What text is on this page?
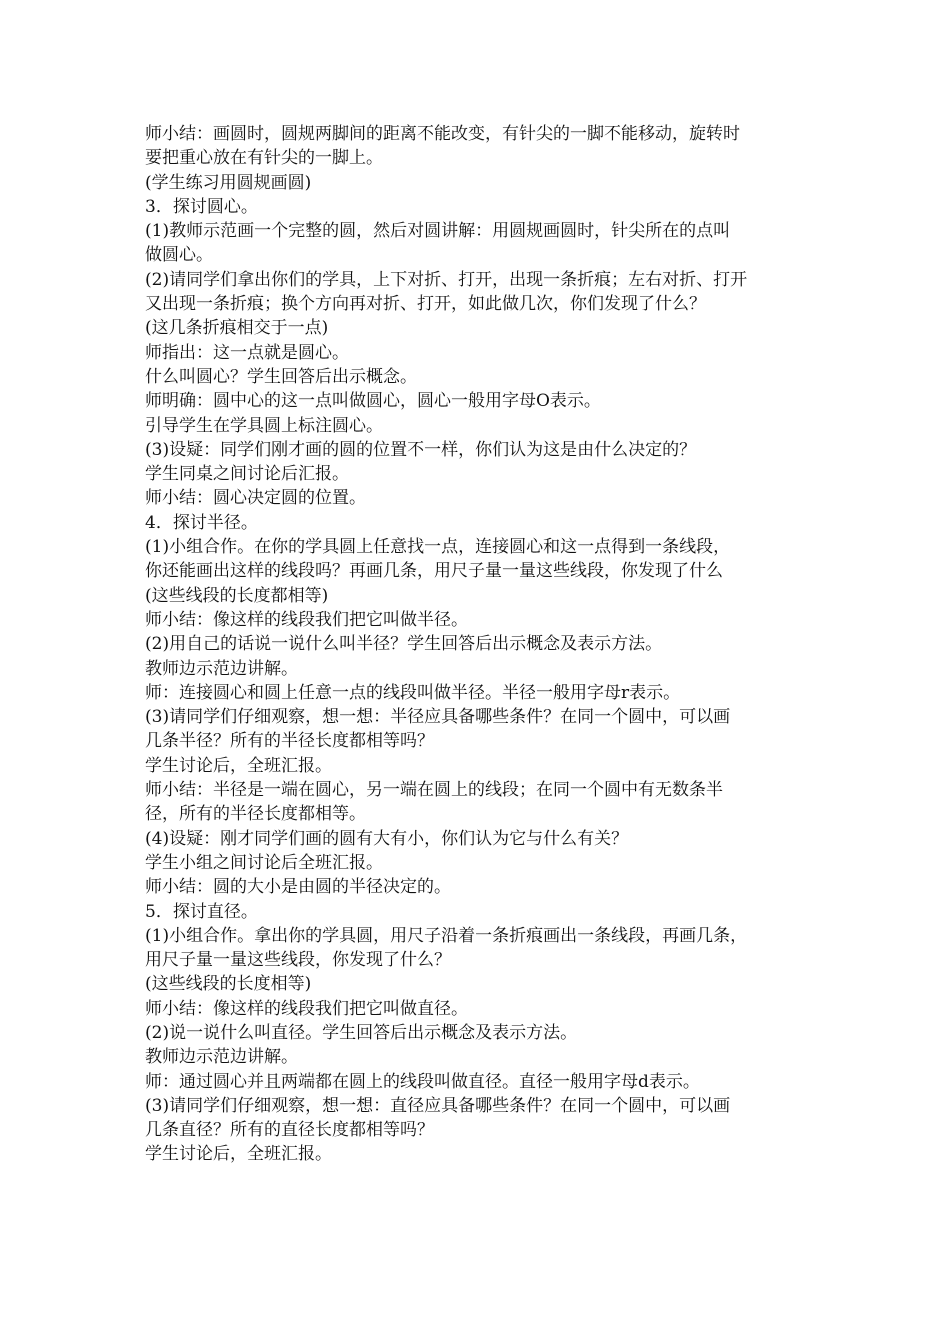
师小结：画圆时，圆规两脚间的距离不能改变，有针尖的一脚不能移动，旋转时
要把重心放在有针尖的一脚上。
(学生练习用圆规画圆)
3．探讨圆心。
(1)教师示范画一个完整的圆，然后对圆讲解：用圆规画圆时，针尖所在的点叫
做圆心。
(2)请同学们拿出你们的学具，上下对折、打开，出现一条折痕；左右对折、打开
又出现一条折痕；换个方向再对折、打开，如此做几次，你们发现了什么？
(这几条折痕相交于一点)
师指出：这一点就是圆心。
什么叫圆心？学生回答后出示概念。
师明确：圆中心的这一点叫做圆心，圆心一般用字母O表示。
引导学生在学具圆上标注圆心。
(3)设疑：同学们刚才画的圆的位置不一样，你们认为这是由什么决定的？
学生同桌之间讨论后汇报。
师小结：圆心决定圆的位置。
4．探讨半径。
(1)小组合作。在你的学具圆上任意找一点，连接圆心和这一点得到一条线段，
你还能画出这样的线段吗？再画几条，用尺子量一量这些线段，你发现了什么
(这些线段的长度都相等)
师小结：像这样的线段我们把它叫做半径。
(2)用自己的话说一说什么叫半径？学生回答后出示概念及表示方法。
教师边示范边讲解。
师：连接圆心和圆上任意一点的线段叫做半径。半径一般用字母r表示。
(3)请同学们仔细观察，想一想：半径应具备哪些条件？在同一个圆中，可以画
几条半径？所有的半径长度都相等吗？
学生讨论后，全班汇报。
师小结：半径是一端在圆心，另一端在圆上的线段；在同一个圆中有无数条半
径，所有的半径长度都相等。
(4)设疑：刚才同学们画的圆有大有小，你们认为它与什么有关？
学生小组之间讨论后全班汇报。
师小结：圆的大小是由圆的半径决定的。
5．探讨直径。
(1)小组合作。拿出你的学具圆，用尺子沿着一条折痕画出一条线段，再画几条，
用尺子量一量这些线段，你发现了什么？
(这些线段的长度相等)
师小结：像这样的线段我们把它叫做直径。
(2)说一说什么叫直径。学生回答后出示概念及表示方法。
教师边示范边讲解。
师：通过圆心并且两端都在圆上的线段叫做直径。直径一般用字母d表示。
(3)请同学们仔细观察，想一想：直径应具备哪些条件？在同一个圆中，可以画
几条直径？所有的直径长度都相等吗？
学生讨论后，全班汇报。
